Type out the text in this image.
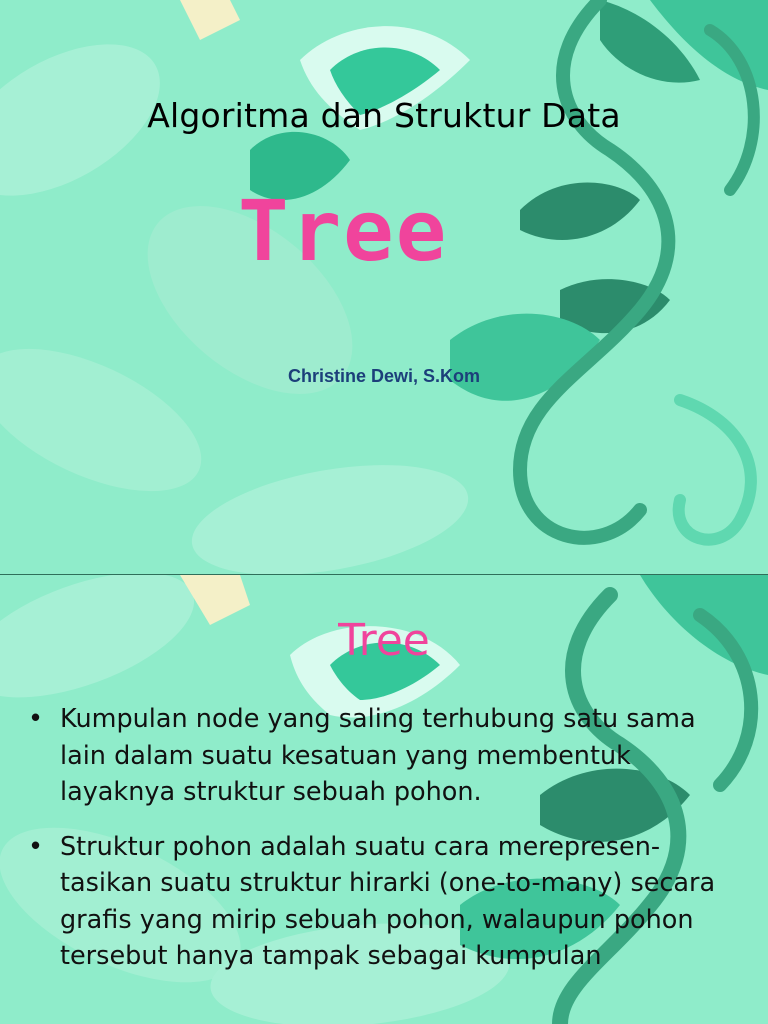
Algoritma dan Struktur Data
Tree
Christine Dewi, S.Kom
Tree
• Kumpulan node yang saling terhubung satu sama lain dalam suatu kesatuan yang membentuk layaknya struktur sebuah pohon.
• Struktur pohon adalah suatu cara merepresen-tasikan suatu struktur hirarki (one-to-many) secara grafis yang mirip sebuah pohon, walaupun pohon tersebut hanya tampak sebagai kumpulan
